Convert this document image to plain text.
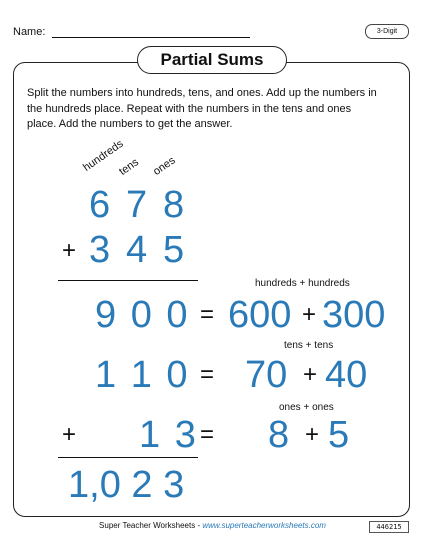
Name:	3-Digit
Partial Sums
Split the numbers into hundreds, tens, and ones. Add up the numbers in the hundreds place. Repeat with the numbers in the tens and ones place. Add the numbers to get the answer.
hundreds
tens ones
6 7 8
+ 3 4 5
9 0 0 =
hundreds + hundreds
600 + 300
1 1 0 =
tens + tens
70 + 40
+ 1 3 =
ones + ones
8 + 5
1,0 2 3
Super Teacher Worksheets - www.superteacherworksheets.com	446215
